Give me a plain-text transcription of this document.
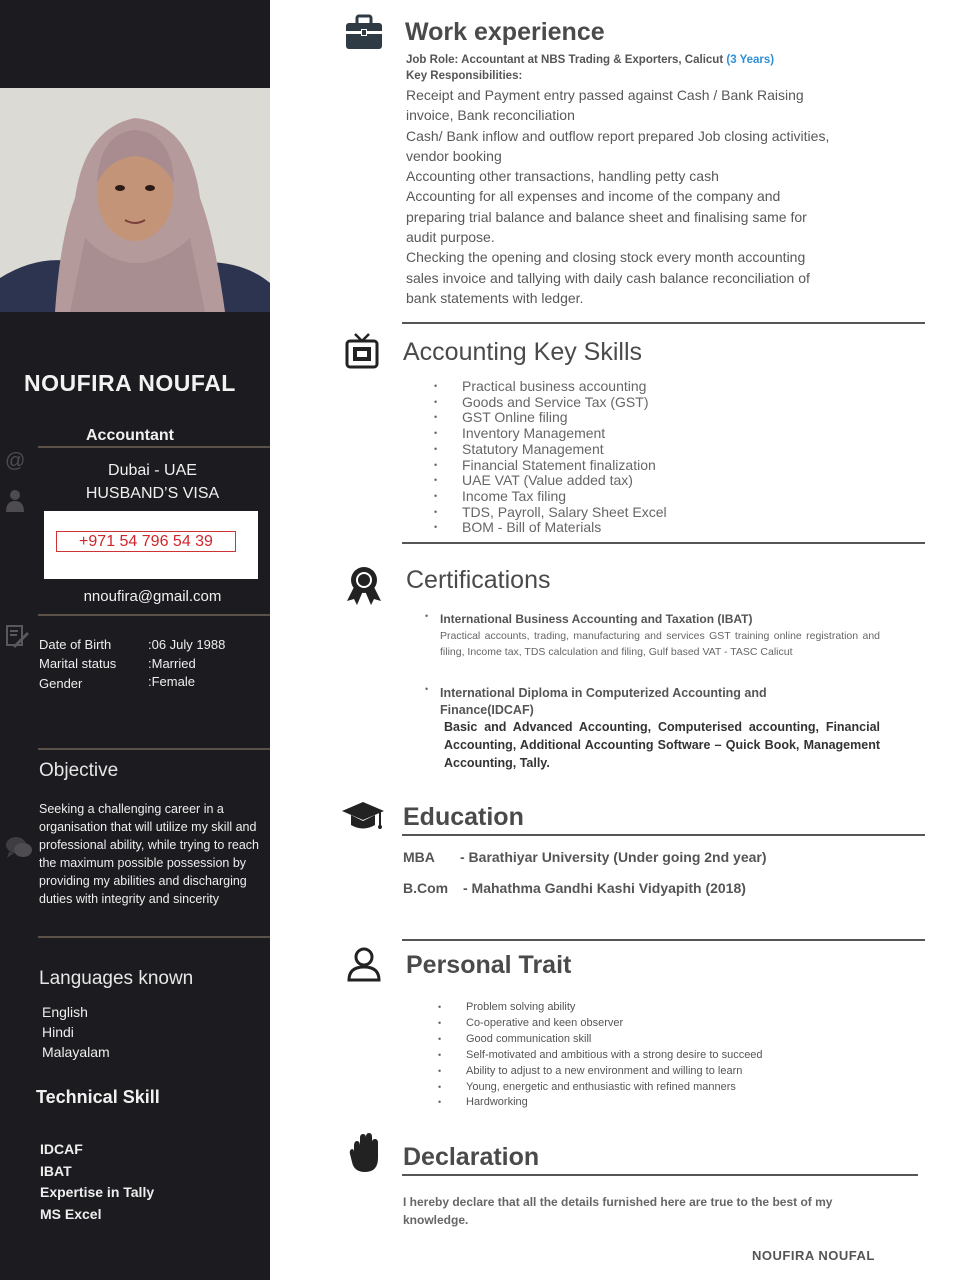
NOUFIRA NOUFAL
Accountant
@	Dubai - UAE
HUSBAND’S VISA
+971 54 796 54 39
nnoufira@gmail.com
Date of Birth	:06 July 1988
Marital status :Married
Gender	:Female
Objective
Seeking a challenging career in a organisation that will utilize my skill and professional ability, while trying to reach the maximum possible possession by providing my abilities and discharging duties with integrity and sincerity
Languages known
English
Hindi
Malayalam
Technical Skill
IDCAF
IBAT
Expertise in Tally
MS Excel
Work experience
Job Role: Accountant at NBS Trading & Exporters, Calicut (3 Years)
Key Responsibilities:
Receipt and Payment entry passed against Cash / Bank Raising
invoice, Bank reconciliation
Cash/ Bank inflow and outflow report prepared Job closing activities,
vendor booking
Accounting other transactions, handling petty cash
Accounting for all expenses and income of the company and
preparing trial balance and balance sheet and finalising same for
audit purpose.
Checking the opening and closing stock every month accounting
sales invoice and tallying with daily cash balance reconciliation of
bank statements with ledger.
Accounting Key Skills
• Practical business accounting
• Goods and Service Tax (GST)
• GST Online filing
• Inventory Management
• Statutory Management
• Financial Statement finalization
• UAE VAT (Value added tax)
• Income Tax filing
• TDS, Payroll, Salary Sheet Excel
• BOM - Bill of Materials
Certifications
• International Business Accounting and Taxation (IBAT)
Practical accounts, trading, manufacturing and services GST training online registration and filing, Income tax, TDS calculation and filing, Gulf based VAT - TASC Calicut
• International Diploma in Computerized Accounting and Finance(IDCAF)
Basic and Advanced Accounting, Computerised accounting, Financial Accounting, Additional Accounting Software – Quick Book, Management Accounting, Tally.
Education
MBA - Barathiyar University (Under going 2nd year)
B.Com - Mahathma Gandhi Kashi Vidyapith (2018)
Personal Trait
• Problem solving ability
• Co-operative and keen observer
• Good communication skill
• Self-motivated and ambitious with a strong desire to succeed
• Ability to adjust to a new environment and willing to learn
• Young, energetic and enthusiastic with refined manners
• Hardworking
Declaration
I hereby declare that all the details furnished here are true to the best of my knowledge.
NOUFIRA NOUFAL
